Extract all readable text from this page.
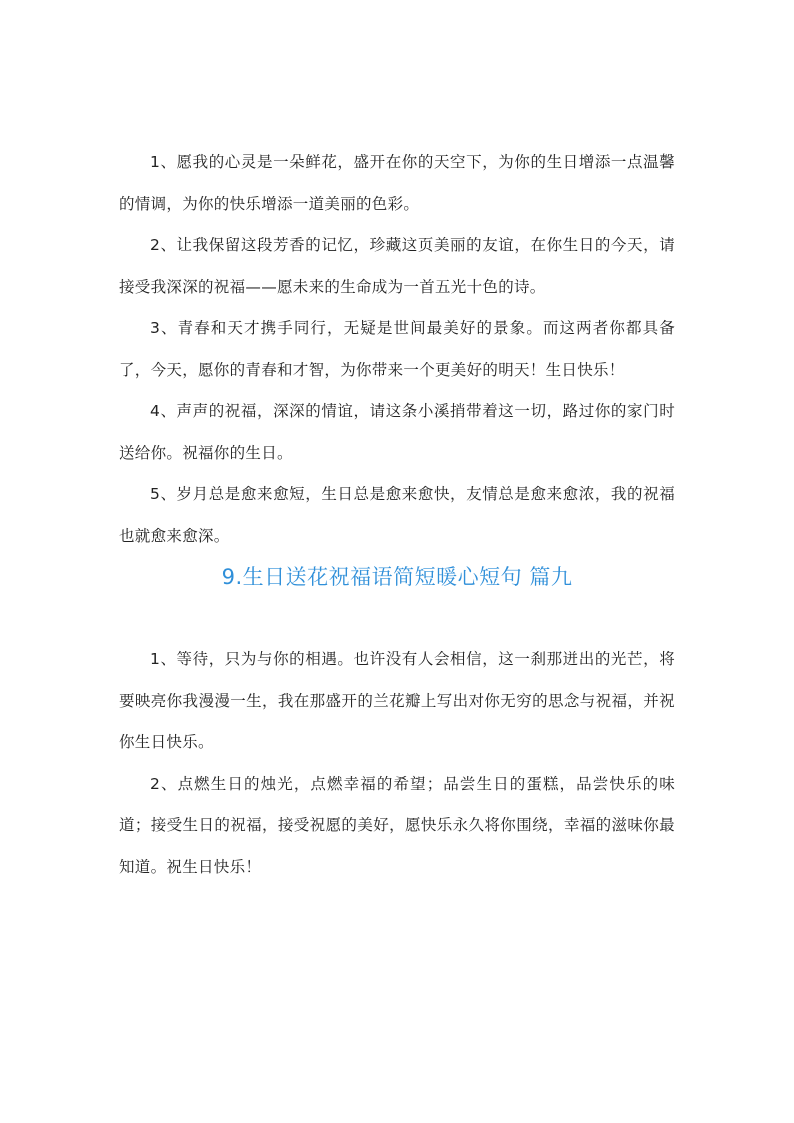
1、愿我的心灵是一朵鲜花，盛开在你的天空下，为你的生日增添一点温馨的情调，为你的快乐增添一道美丽的色彩。

2、让我保留这段芳香的记忆，珍藏这页美丽的友谊，在你生日的今天，请接受我深深的祝福——愿未来的生命成为一首五光十色的诗。

3、青春和天才携手同行，无疑是世间最美好的景象。而这两者你都具备了，今天，愿你的青春和才智，为你带来一个更美好的明天！生日快乐！

4、声声的祝福，深深的情谊，请这条小溪捎带着这一切，路过你的家门时送给你。祝福你的生日。

5、岁月总是愈来愈短，生日总是愈来愈快，友情总是愈来愈浓，我的祝福也就愈来愈深。

9.生日送花祝福语简短暖心短句 篇九

1、等待，只为与你的相遇。也许没有人会相信，这一刹那迸出的光芒，将要映亮你我漫漫一生，我在那盛开的兰花瓣上写出对你无穷的思念与祝福，并祝你生日快乐。

2、点燃生日的烛光，点燃幸福的希望；品尝生日的蛋糕，品尝快乐的味道；接受生日的祝福，接受祝愿的美好，愿快乐永久将你围绕，幸福的滋味你最知道。祝生日快乐！
